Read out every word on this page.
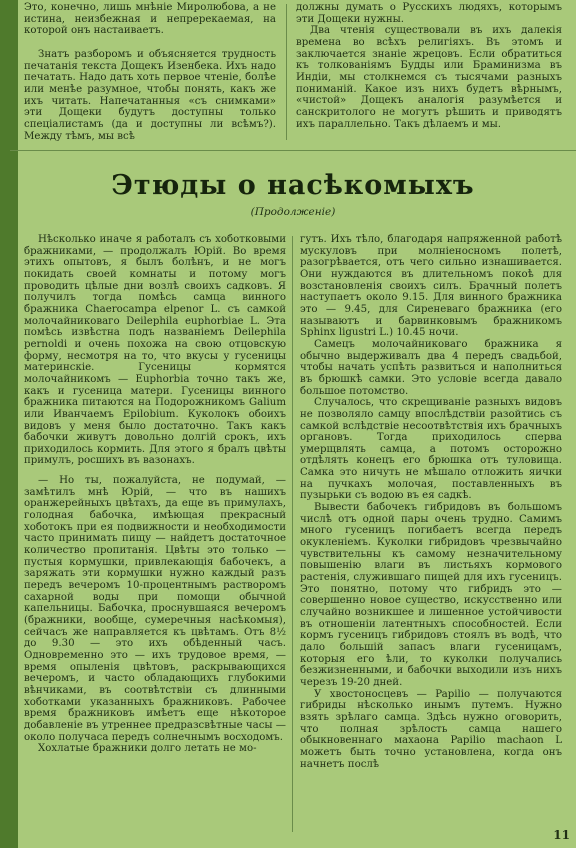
Это, конечно, лишь мнѣніе Миролюбова, а не истина, неизбежная и непререкаемая, на которой онъ настаиваетъ.

Знатъ разборомъ и объясняется трудность печатанія текста Дощекъ Изенбека. Ихъ надо печатать. Надо дать хоть первое чтеніе, болѣе или менѣе разумное, чтобы понять, какъ же ихъ читать. Напечатанныя «съ снимками» эти Дощеки будутъ доступны только спеціалистамъ (да и доступны ли всѣмъ?). Между тѣмъ, мы всѣ

должны думать о Русскихъ людяхъ, которымъ эти Дощеки нужны.

Два чтенія существовали въ ихъ далекія времена во всѣхъ религіяхъ. Въ этомъ и заключается знаніе жрецовъ. Если обратиться къ толкованіямъ Будды или Браминизма въ Индіи, мы столкнемся съ тысячами разныхъ пониманій. Какое изъ нихъ будетъ вѣрнымъ, «чистой» Дощекъ аналогія разумѣется и санскритолого не могутъ рѣшить и приводятъ ихъ параллельно. Такъ дѣлаемъ и мы.

Этюды о насѣкомыхъ
(Продолженіе)

Нѣсколько иначе я работалъ съ хоботковыми бражниками, — продолжалъ Юрій. Во время этихъ опытовъ, я былъ болѣнъ, и не могъ покидать своей комнаты и потому могъ проводить цѣлые дни возлѣ своихъ садковъ. Я получилъ тогда помѣсь самца винного бражника Chaerocampa elpenor L. съ самкой молочайниковаго Deilephila euphorbiae L. Эта помѣсь извѣстна подъ названіемъ Deilephila pernoldi и очень похожа на свою отцовскую форму, несмотря на то, что вкусы у гусеницы материнскіе. Гусеницы кормятся молочайникомъ — Euphorbia точно такъ же, какъ и гусеница матери. Гусеницы винного бражника питаются на Подорожникомъ Galium или Иванчаемъ Epilobium. Куколокъ обоихъ видовъ у меня было достаточно. Такъ какъ бабочки живутъ довольно долгій срокъ, ихъ приходилось кормить. Для этого я бралъ цвѣты примулъ, росшихъ въ вазонахъ.

— Но ты, пожалуйста, не подумай, — замѣтилъ мнѣ Юрій, — что въ нашихъ оранжерейныхъ цвѣтахъ, да еще въ примулахъ, голодная бабочка, имѣющая прекрасный хоботокъ при ея подвижности и необходимости часто принимать пищу — найдетъ достаточное количество пропитанія. Цвѣты это только — пустыя кормушки, привлекающія бабочекъ, а заряжать эти кормушки нужно каждый разъ передъ вечеромъ 10-процентнымъ растворомъ сахарной воды при помощи обычной капельницы. Бабочка, проснувшаяся вечеромъ (бражники, вообще, сумеречныя насѣкомыя), сейчасъ же направляется къ цвѣтамъ. Отъ 8½ до 9.30 — это ихъ обѣденный часъ. Одновременно это — ихъ трудовое время, — время опыленія цвѣтовъ, раскрывающихся вечеромъ, и часто обладающихъ глубокими вѣнчиками, въ соотвѣтствіи съ длинными хоботками указанныхъ бражниковъ. Рабочее время бражниковъ имѣетъ еще нѣкоторое добавленіе въ утреннее предразсвѣтные часы — около получаса передъ солнечнымъ восходомъ.

Хохлатые бражники долго летать не мо-

гутъ. Ихъ тѣло, благодаря напряженной работѣ мускуловъ при молніеносномъ полетѣ, разогрѣвается, отъ чего сильно изнашивается. Они нуждаются въ длительномъ покоѣ для возстановленія своихъ силъ. Брачный полетъ наступаетъ около 9.15. Для винного бражника это — 9.45, для Сиреневаго бражника (его называютъ и барвинковымъ бражникомъ Sphinx ligustri L.) 10.45 ночи.

Самецъ молочайниковаго бражника я обычно выдерживалъ два 4 передъ свадьбой, чтобы начать успѣть развиться и наполниться въ брюшкѣ самки. Это условіе всегда давало большое потомство.

Случалось, что скрещиваніе разныхъ видовъ не позволяло самцу впослѣдствіи разойтись съ самкой вслѣдствіе несоотвѣтствія ихъ брачныхъ органовъ. Тогда приходилось сперва умерщвлять самца, а потомъ осторожно отдѣлять конецъ его брюшка отъ туловища. Самка это ничуть не мѣшало отложить яички на пучкахъ молочая, поставленныхъ въ пузырьки съ водою въ ея садкѣ.

Вывести бабочекъ гибридовъ въ большомъ числѣ отъ одной пары очень трудно. Самимъ много гусеницъ погибаетъ всегда передъ окукленіемъ. Куколки гибридовъ чрезвычайно чувствительны къ самому незначительному повышенію влаги въ листьяхъ кормового растенія, служившаго пищей для ихъ гусеницъ. Это понятно, потому что гибридъ это — совершенно новое существо, искусственно или случайно возникшее и лишенное устойчивости въ отношеніи латентныхъ способностей. Если кормъ гусеницъ гибридовъ стоялъ въ водѣ, что дало большій запасъ влаги гусеницамъ, которыя его ѣли, то куколки получались безжизненными, и бабочки выходили изъ нихъ черезъ 19-20 дней.

У хвостоносцевъ — Papilio — получаются гибриды нѣсколько инымъ путемъ. Нужно взять зрѣлаго самца. Здѣсь нужно оговорить, что полная зрѣлость самца нашего обыкновеннаго махаона Papilio machaon L можетъ быть точно установлена, когда онъ начнетъ послѣ

11
